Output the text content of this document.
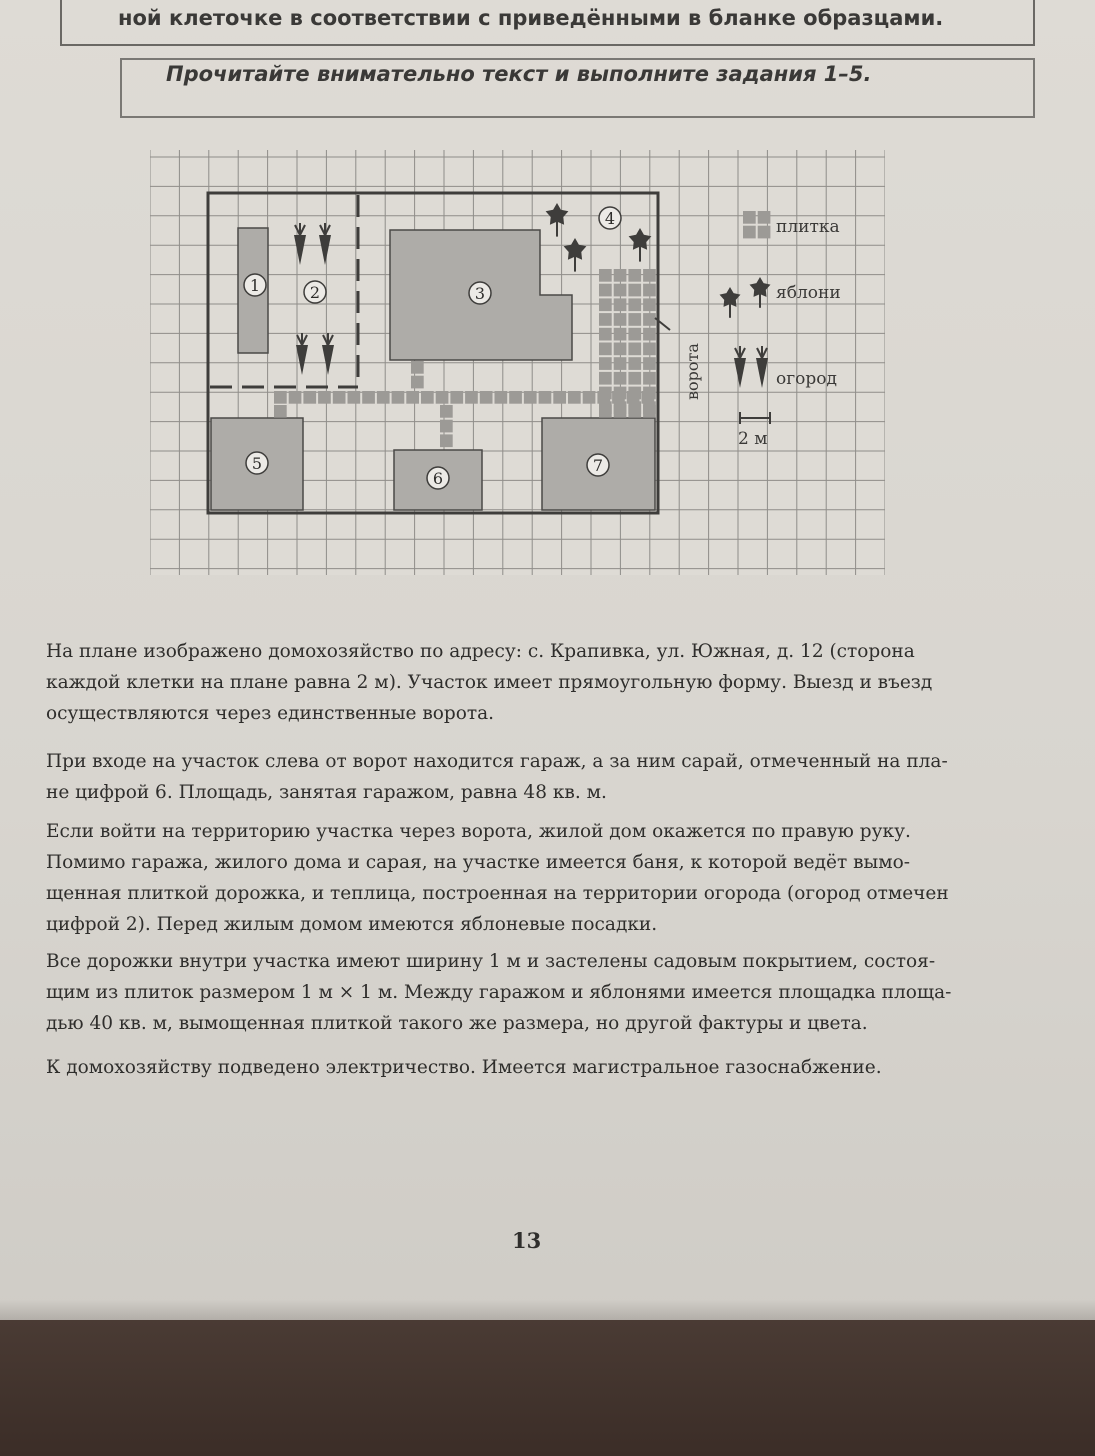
ной клеточке в соответствии с приведёнными в бланке образцами.
Прочитайте внимательно текст и выполните задания 1–5.
ворота
1	2	3
4
5
6
7
плитка
яблони
огород
2 м
На плане изображено домохозяйство по адресу: с. Крапивка, ул. Южная, д. 12 (сторона
каждой клетки на плане равна 2 м). Участок имеет прямоугольную форму. Выезд и въезд
осуществляются через единственные ворота.
При входе на участок слева от ворот находится гараж, а за ним сарай, отмеченный на пла-
не цифрой 6. Площадь, занятая гаражом, равна 48 кв. м.
Если войти на территорию участка через ворота, жилой дом окажется по правую руку.
Помимо гаража, жилого дома и сарая, на участке имеется баня, к которой ведёт вымо-
щенная плиткой дорожка, и теплица, построенная на территории огорода (огород отмечен
цифрой 2). Перед жилым домом имеются яблоневые посадки.
Все дорожки внутри участка имеют ширину 1 м и застелены садовым покрытием, состоя-
щим из плиток размером 1 м × 1 м. Между гаражом и яблонями имеется площадка площа-
дью 40 кв. м, вымощенная плиткой такого же размера, но другой фактуры и цвета.
К домохозяйству подведено электричество. Имеется магистральное газоснабжение.
13
